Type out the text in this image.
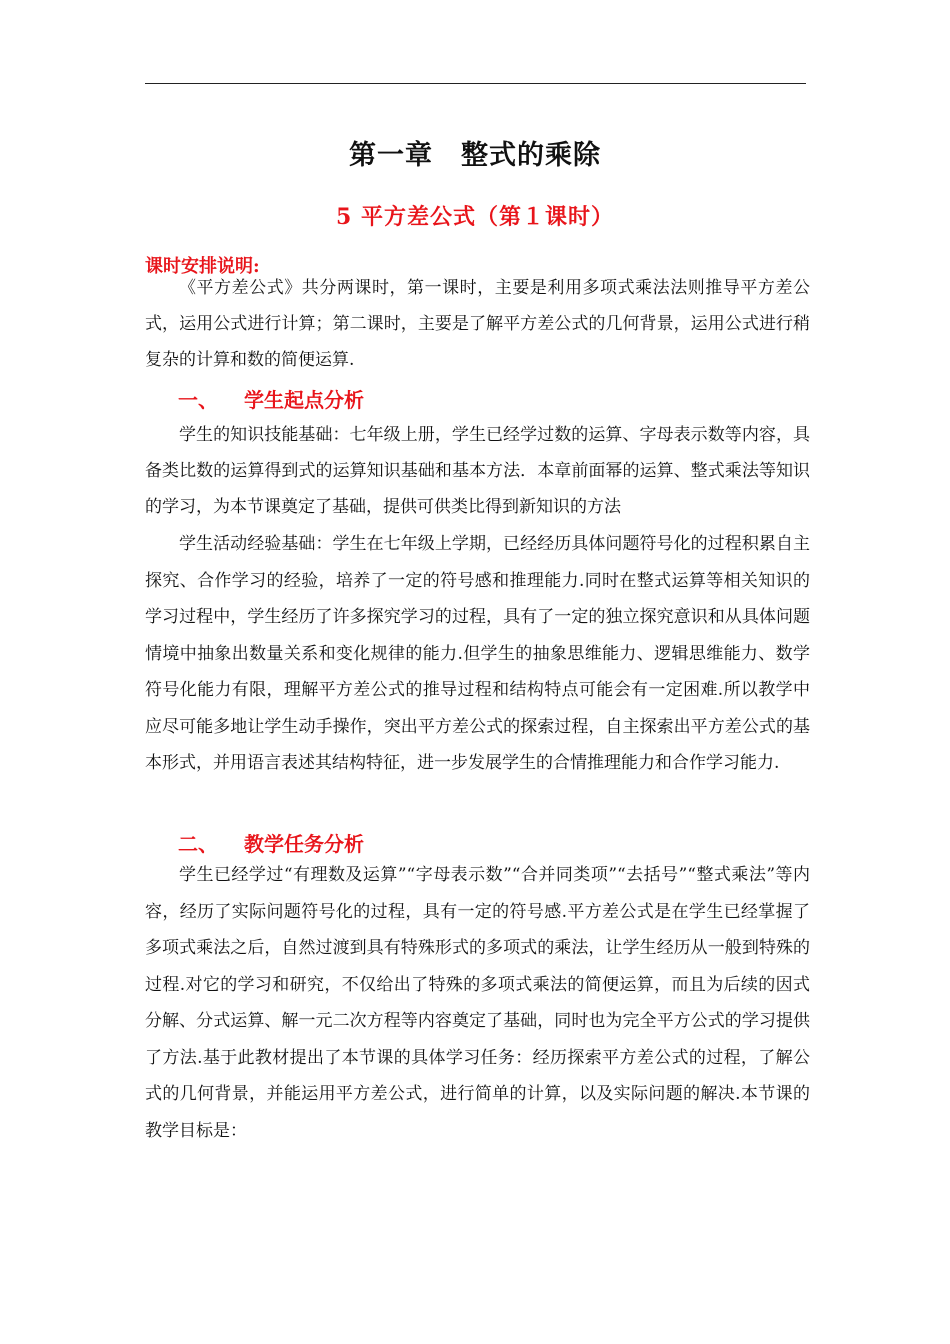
第一章　整式的乘除
5 平方差公式（第１课时）
课时安排说明:
《平方差公式》共分两课时，第一课时，主要是利用多项式乘法法则推导平方差公式，运用公式进行计算；第二课时，主要是了解平方差公式的几何背景，运用公式进行稍复杂的计算和数的简便运算.
一、 学生起点分析
学生的知识技能基础：七年级上册，学生已经学过数的运算、字母表示数等内容，具备类比数的运算得到式的运算知识基础和基本方法．本章前面幂的运算、整式乘法等知识的学习，为本节课奠定了基础，提供可供类比得到新知识的方法
学生活动经验基础：学生在七年级上学期，已经经历具体问题符号化的过程积累自主探究、合作学习的经验，培养了一定的符号感和推理能力.同时在整式运算等相关知识的学习过程中，学生经历了许多探究学习的过程，具有了一定的独立探究意识和从具体问题情境中抽象出数量关系和变化规律的能力.但学生的抽象思维能力、逻辑思维能力、数学符号化能力有限，理解平方差公式的推导过程和结构特点可能会有一定困难.所以教学中应尽可能多地让学生动手操作，突出平方差公式的探索过程，自主探索出平方差公式的基本形式，并用语言表述其结构特征，进一步发展学生的合情推理能力和合作学习能力.
二、 教学任务分析
学生已经学过“有理数及运算”“字母表示数”“合并同类项”“去括号”“整式乘法”等内容，经历了实际问题符号化的过程，具有一定的符号感.平方差公式是在学生已经掌握了多项式乘法之后，自然过渡到具有特殊形式的多项式的乘法，让学生经历从一般到特殊的过程.对它的学习和研究，不仅给出了特殊的多项式乘法的简便运算，而且为后续的因式分解、分式运算、解一元二次方程等内容奠定了基础，同时也为完全平方公式的学习提供了方法.基于此教材提出了本节课的具体学习任务：经历探索平方差公式的过程，了解公式的几何背景，并能运用平方差公式，进行简单的计算，以及实际问题的解决.本节课的教学目标是：
